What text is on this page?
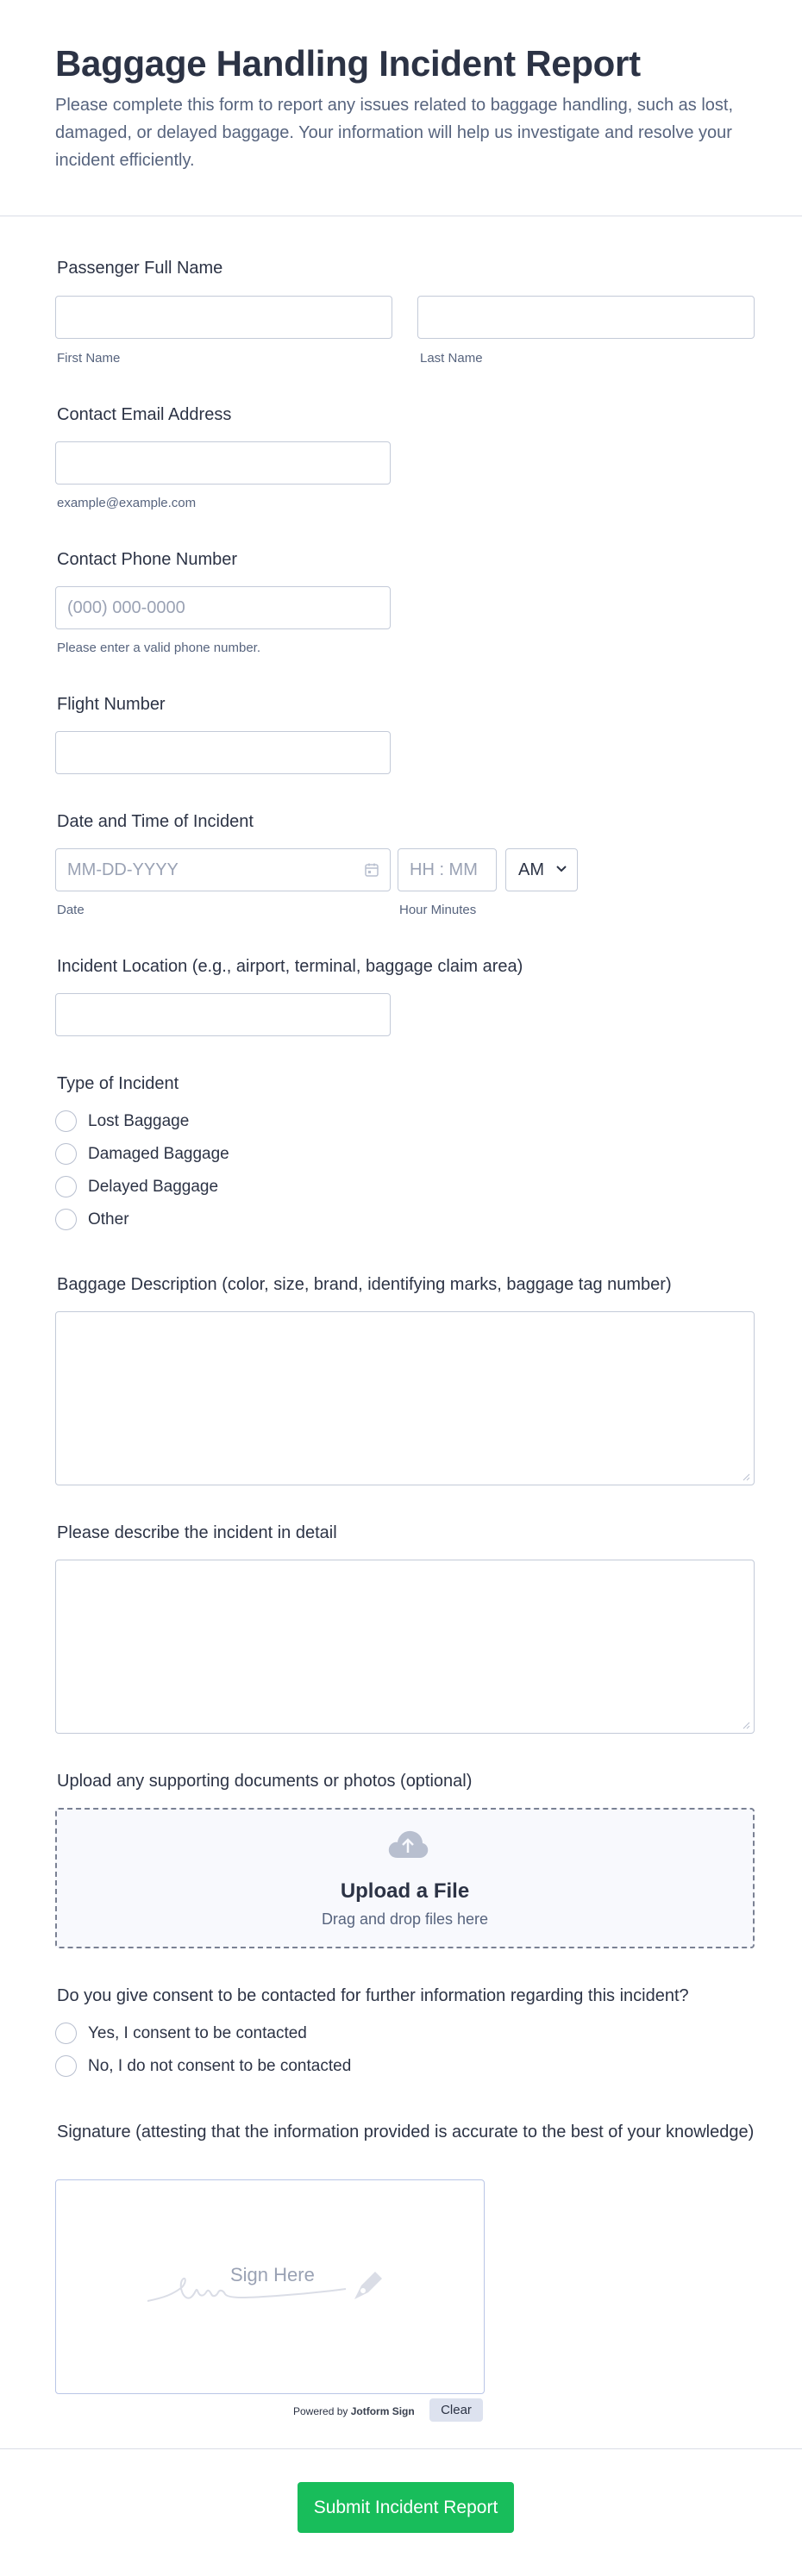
Baggage Handling Incident Report

Please complete this form to report any issues related to baggage handling, such as lost, damaged, or delayed baggage. Your information will help us investigate and resolve your incident efficiently.

Passenger Full Name
First Name	Last Name
Contact Email Address
example@example.com
Contact Phone Number
(000) 000-0000
Please enter a valid phone number.
Flight Number
Date and Time of Incident
MM-DD-YYYY	HH : MM	AM
Date	Hour Minutes
Incident Location (e.g., airport, terminal, baggage claim area)
Type of Incident
Lost Baggage
Damaged Baggage
Delayed Baggage
Other
Baggage Description (color, size, brand, identifying marks, baggage tag number)
Please describe the incident in detail
Upload any supporting documents or photos (optional)
Upload a File
Drag and drop files here
Do you give consent to be contacted for further information regarding this incident?
Yes, I consent to be contacted
No, I do not consent to be contacted
Signature (attesting that the information provided is accurate to the best of your knowledge)
Sign Here
Powered by Jotform Sign	Clear
Submit Incident Report
